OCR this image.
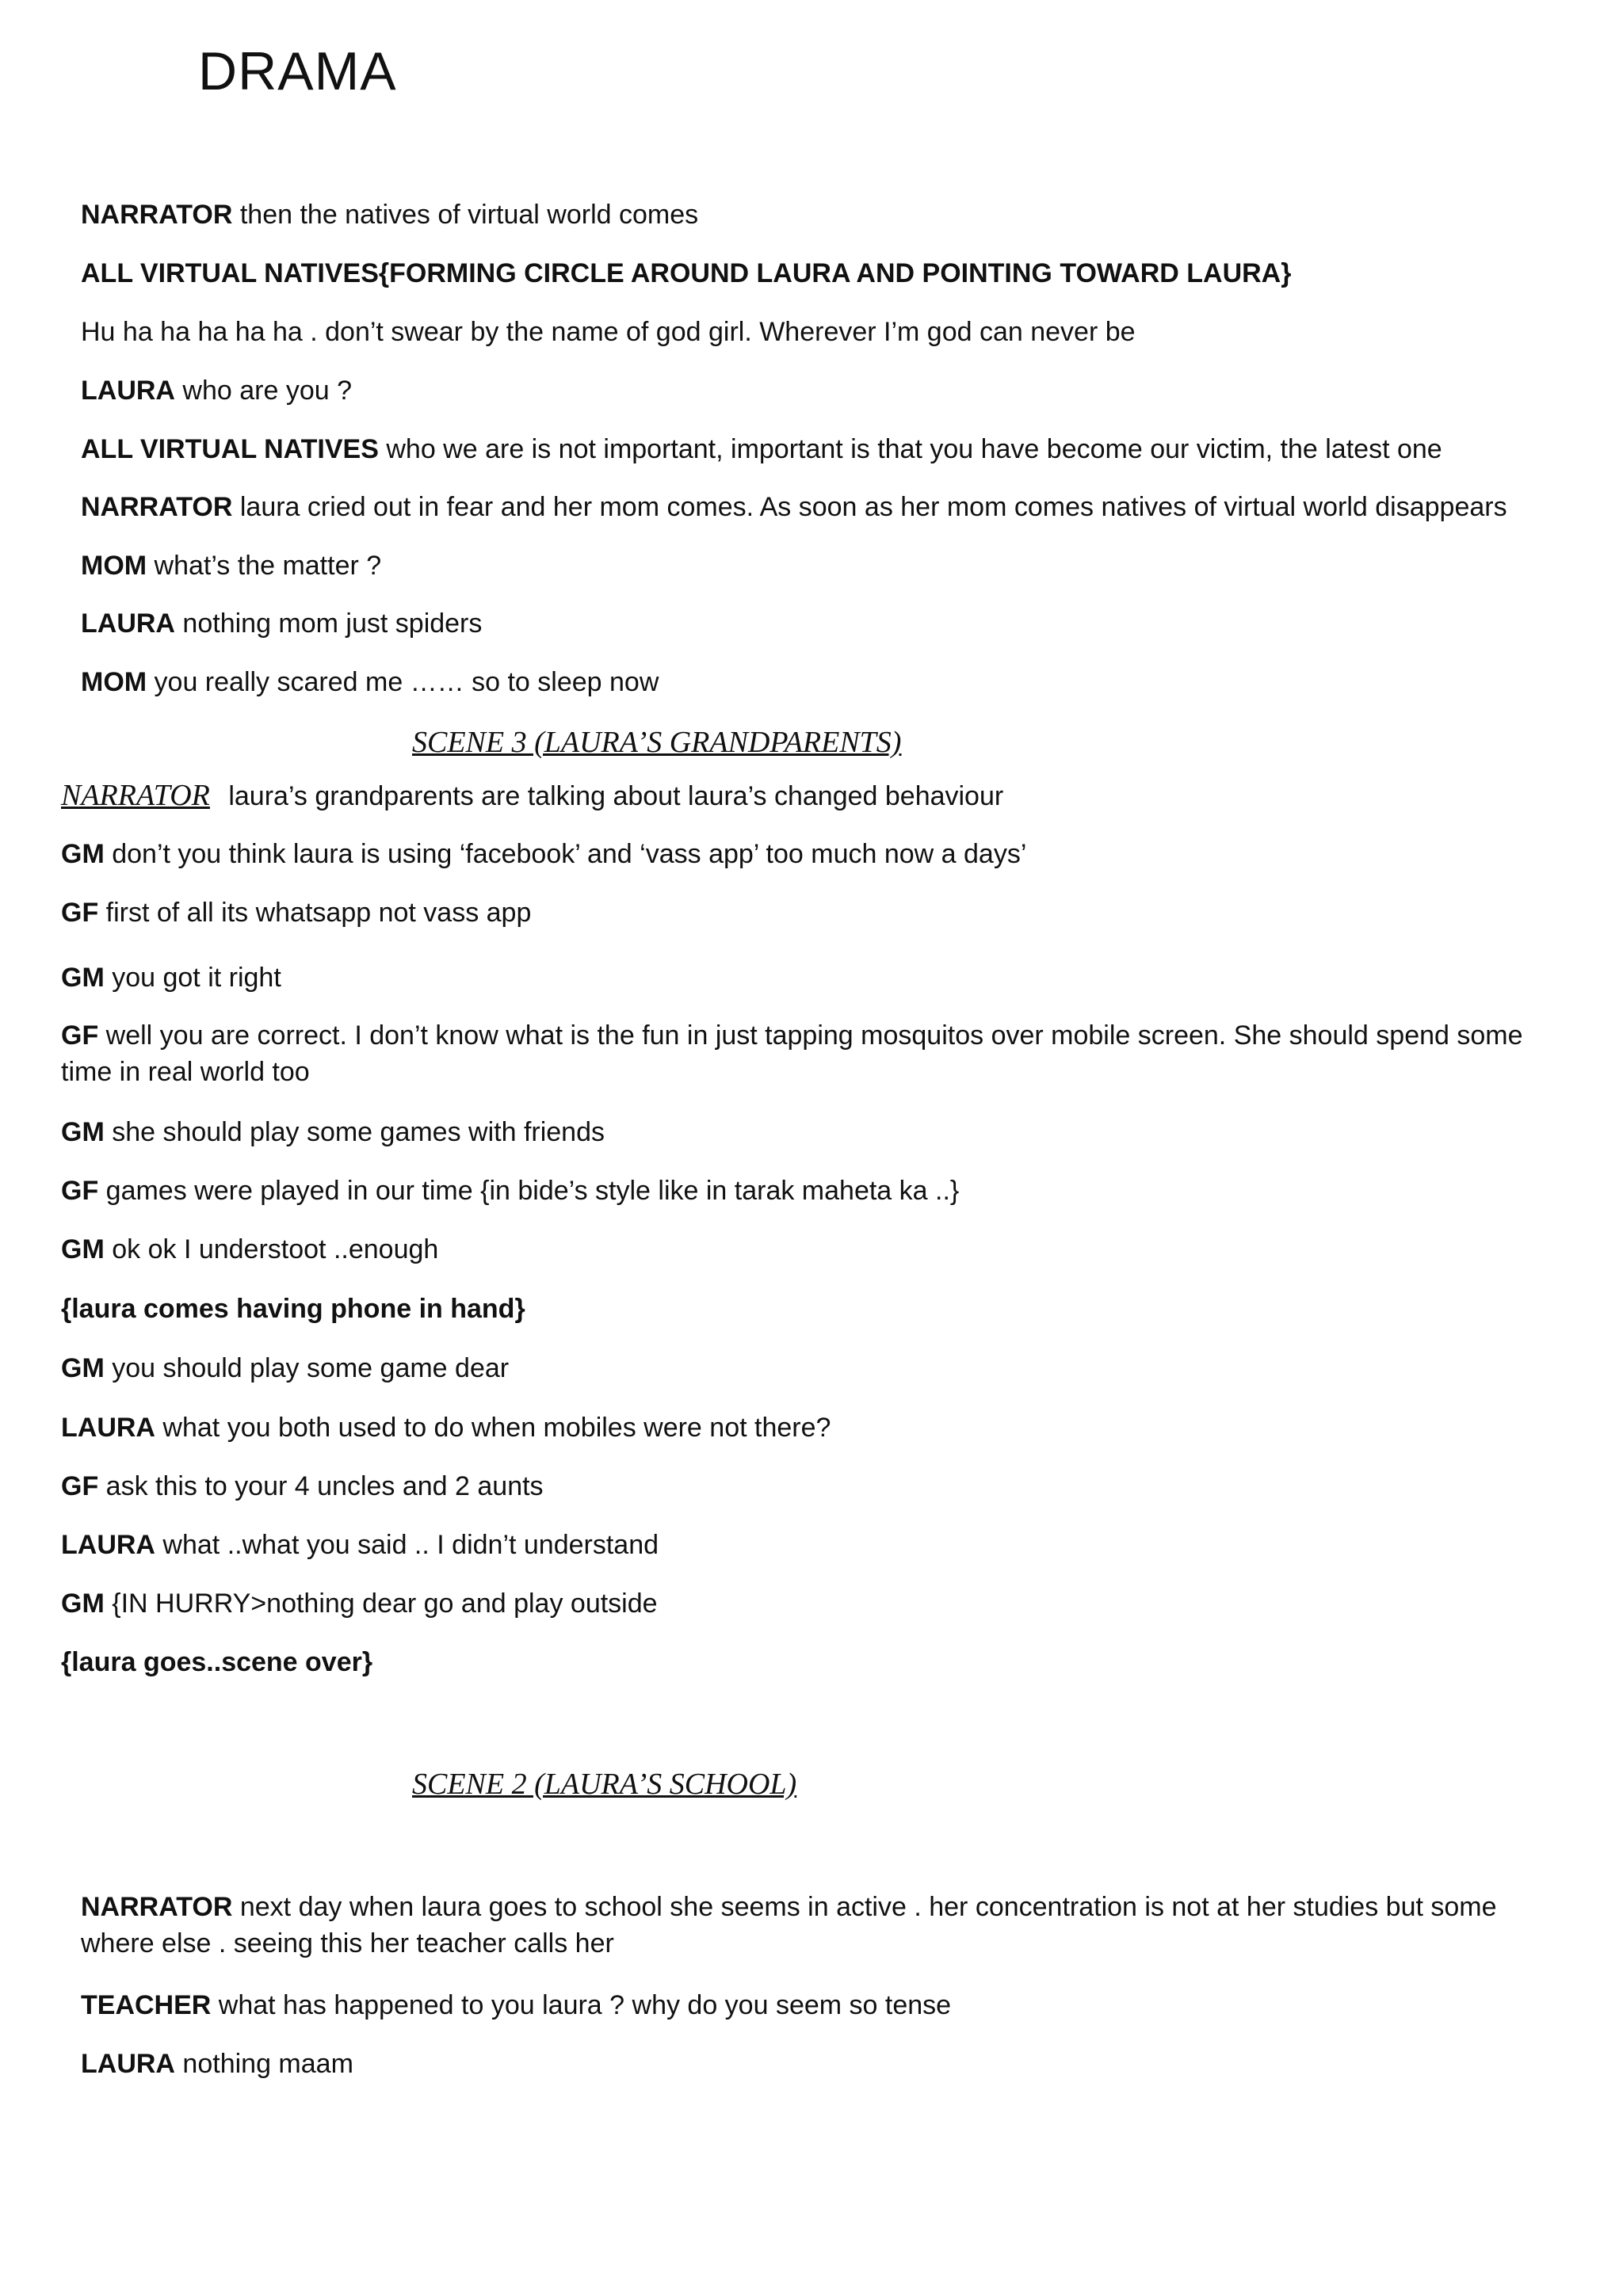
DRAMA
NARRATOR then the natives of virtual world comes
ALL VIRTUAL NATIVES{FORMING CIRCLE AROUND LAURA AND POINTING TOWARD LAURA}
Hu ha ha ha ha ha . don’t swear by the name of god girl. Wherever I’m god can never be
LAURA who are you ?
ALL VIRTUAL NATIVES who we are is not important, important is that you have become our victim, the latest one
NARRATOR laura cried out in fear and her mom comes. As soon as her mom comes natives of virtual world disappears
MOM what’s the matter ?
LAURA nothing mom just spiders
MOM you really scared me …… so to sleep now
SCENE 3 (LAURA’S GRANDPARENTS)
NARRATOR laura’s grandparents are talking about laura’s changed behaviour
GM don’t you think laura is using ‘facebook’ and ‘vass app’ too much now a days’
GF first of all its whatsapp not vass app
GM you got it right
GF well you are correct. I don’t know what is the fun in just tapping mosquitos over mobile screen. She should spend some time in real world too
GM she should play some games with friends
GF games were played in our time {in bide’s style like in tarak maheta ka ..}
GM ok ok I understoot ..enough
{laura comes having phone in hand}
GM you should play some game dear
LAURA what you both used to do when mobiles were not there?
GF ask this to your 4 uncles and 2 aunts
LAURA what ..what you said .. I didn’t understand
GM {IN HURRY>nothing dear go and play outside
{laura goes..scene over}
SCENE 2 (LAURA’S SCHOOL)
NARRATOR next day when laura goes to school she seems in active . her concentration is not at her studies but some where else . seeing this her teacher calls her
TEACHER what has happened to you laura ? why do you seem so tense
LAURA nothing maam
